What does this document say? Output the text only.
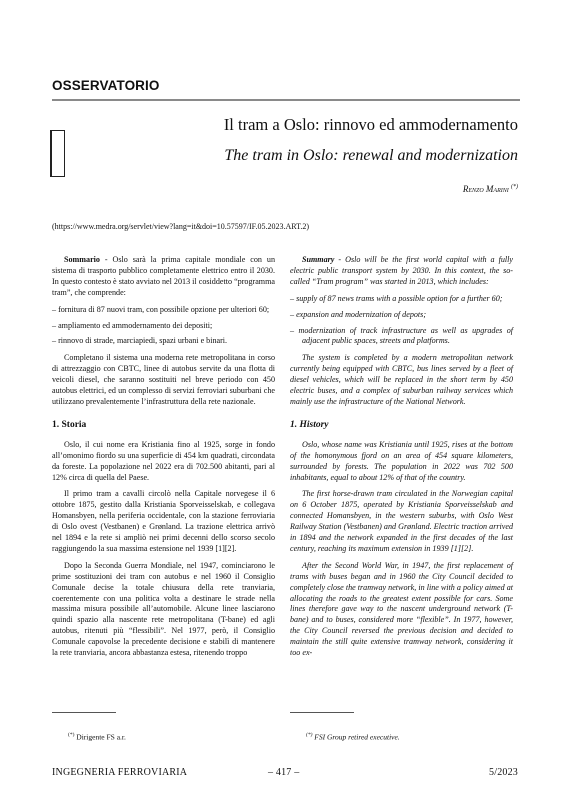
OSSERVATORIO
Il tram a Oslo: rinnovo ed ammodernamento
The tram in Oslo: renewal and modernization
Renzo Marini (*)
(https://www.medra.org/servlet/view?lang=it&doi=10.57597/IF.05.2023.ART.2)

Sommario - Oslo sarà la prima capitale mondiale con un sistema di trasporto pubblico completamente elettrico entro il 2030. In questo contesto è stato avviato nel 2013 il cosiddetto “programma tram”, che comprende:

– fornitura di 87 nuovi tram, con possibile opzione per ulteriori 60;
– ampliamento ed ammodernamento dei depositi;
– rinnovo di strade, marciapiedi, spazi urbani e binari.

Completano il sistema una moderna rete metropolitana in corso di attrezzaggio con CBTC, linee di autobus servite da una flotta di veicoli diesel, che saranno sostituiti nel breve periodo con 450 autobus elettrici, ed un complesso di servizi ferroviari suburbani che utilizzano prevalentemente l’infrastruttura della rete nazionale.

1. Storia

Oslo, il cui nome era Kristiania fino al 1925, sorge in fondo all’omonimo fiordo su una superficie di 454 km quadrati, circondata da foreste. La popolazione nel 2022 era di 702.500 abitanti, pari al 12% circa di quella del Paese.

Il primo tram a cavalli circolò nella Capitale norvegese il 6 ottobre 1875, gestito dalla Kristiania Sporveisselskab, e collegava Homansbyen, nella periferia occidentale, con la stazione ferroviaria di Oslo ovest (Vestbanen) e Grønland. La trazione elettrica arrivò nel 1894 e la rete si ampliò nei primi decenni dello scorso secolo raggiungendo la sua massima estensione nel 1939 [1][2].

Dopo la Seconda Guerra Mondiale, nel 1947, cominciarono le prime sostituzioni dei tram con autobus e nel 1960 il Consiglio Comunale decise la totale chiusura della rete tranviaria, coerentemente con una politica volta a destinare le strade nella massima misura possibile all’automobile. Alcune linee lasciarono quindi spazio alla nascente rete metropolitana (T-bane) ed agli autobus, ritenuti più “flessibili”. Nel 1977, però, il Consiglio Comunale capovolse la precedente decisione e stabilì di mantenere la rete tranviaria, ancora abbastanza estesa, ritenendo troppo

Summary - Oslo will be the first world capital with a fully electric public transport system by 2030. In this context, the so-called “Tram program” was started in 2013, which includes:

– supply of 87 news trams with a possible option for a further 60;
– expansion and modernization of depots;
– modernization of track infrastructure as well as upgrades of adjacent public spaces, streets and platforms.

The system is completed by a modern metropolitan network currently being equipped with CBTC, bus lines served by a fleet of diesel vehicles, which will be replaced in the short term by 450 electric buses, and a complex of suburban railway services which mainly use the infrastructure of the National Network.

1. History

Oslo, whose name was Kristiania until 1925, rises at the bottom of the homonymous fjord on an area of 454 square kilometers, surrounded by forests. The population in 2022 was 702 500 inhabitants, equal to about 12% of that of the country.

The first horse-drawn tram circulated in the Norwegian capital on 6 October 1875, operated by Kristiania Sporveisselskab and connected Homansbyen, in the western suburbs, with Oslo West Railway Station (Vestbanen) and Grønland. Electric traction arrived in 1894 and the network expanded in the first decades of the last century, reaching its maximum extension in 1939 [1][2].

After the Second World War, in 1947, the first replacement of trams with buses began and in 1960 the City Council decided to completely close the tramway network, in line with a policy aimed at allocating the roads to the greatest extent possible for cars. Some lines therefore gave way to the nascent underground network (T-bane) and to buses, considered more “flexible”. In 1977, however, the City Council reversed the previous decision and decided to maintain the still quite extensive tramway network, considering it too ex-

(*) Dirigente FS a.r.	(*) FSI Group retired executive.
INGEGNERIA FERROVIARIA	– 417 –	5/2023
